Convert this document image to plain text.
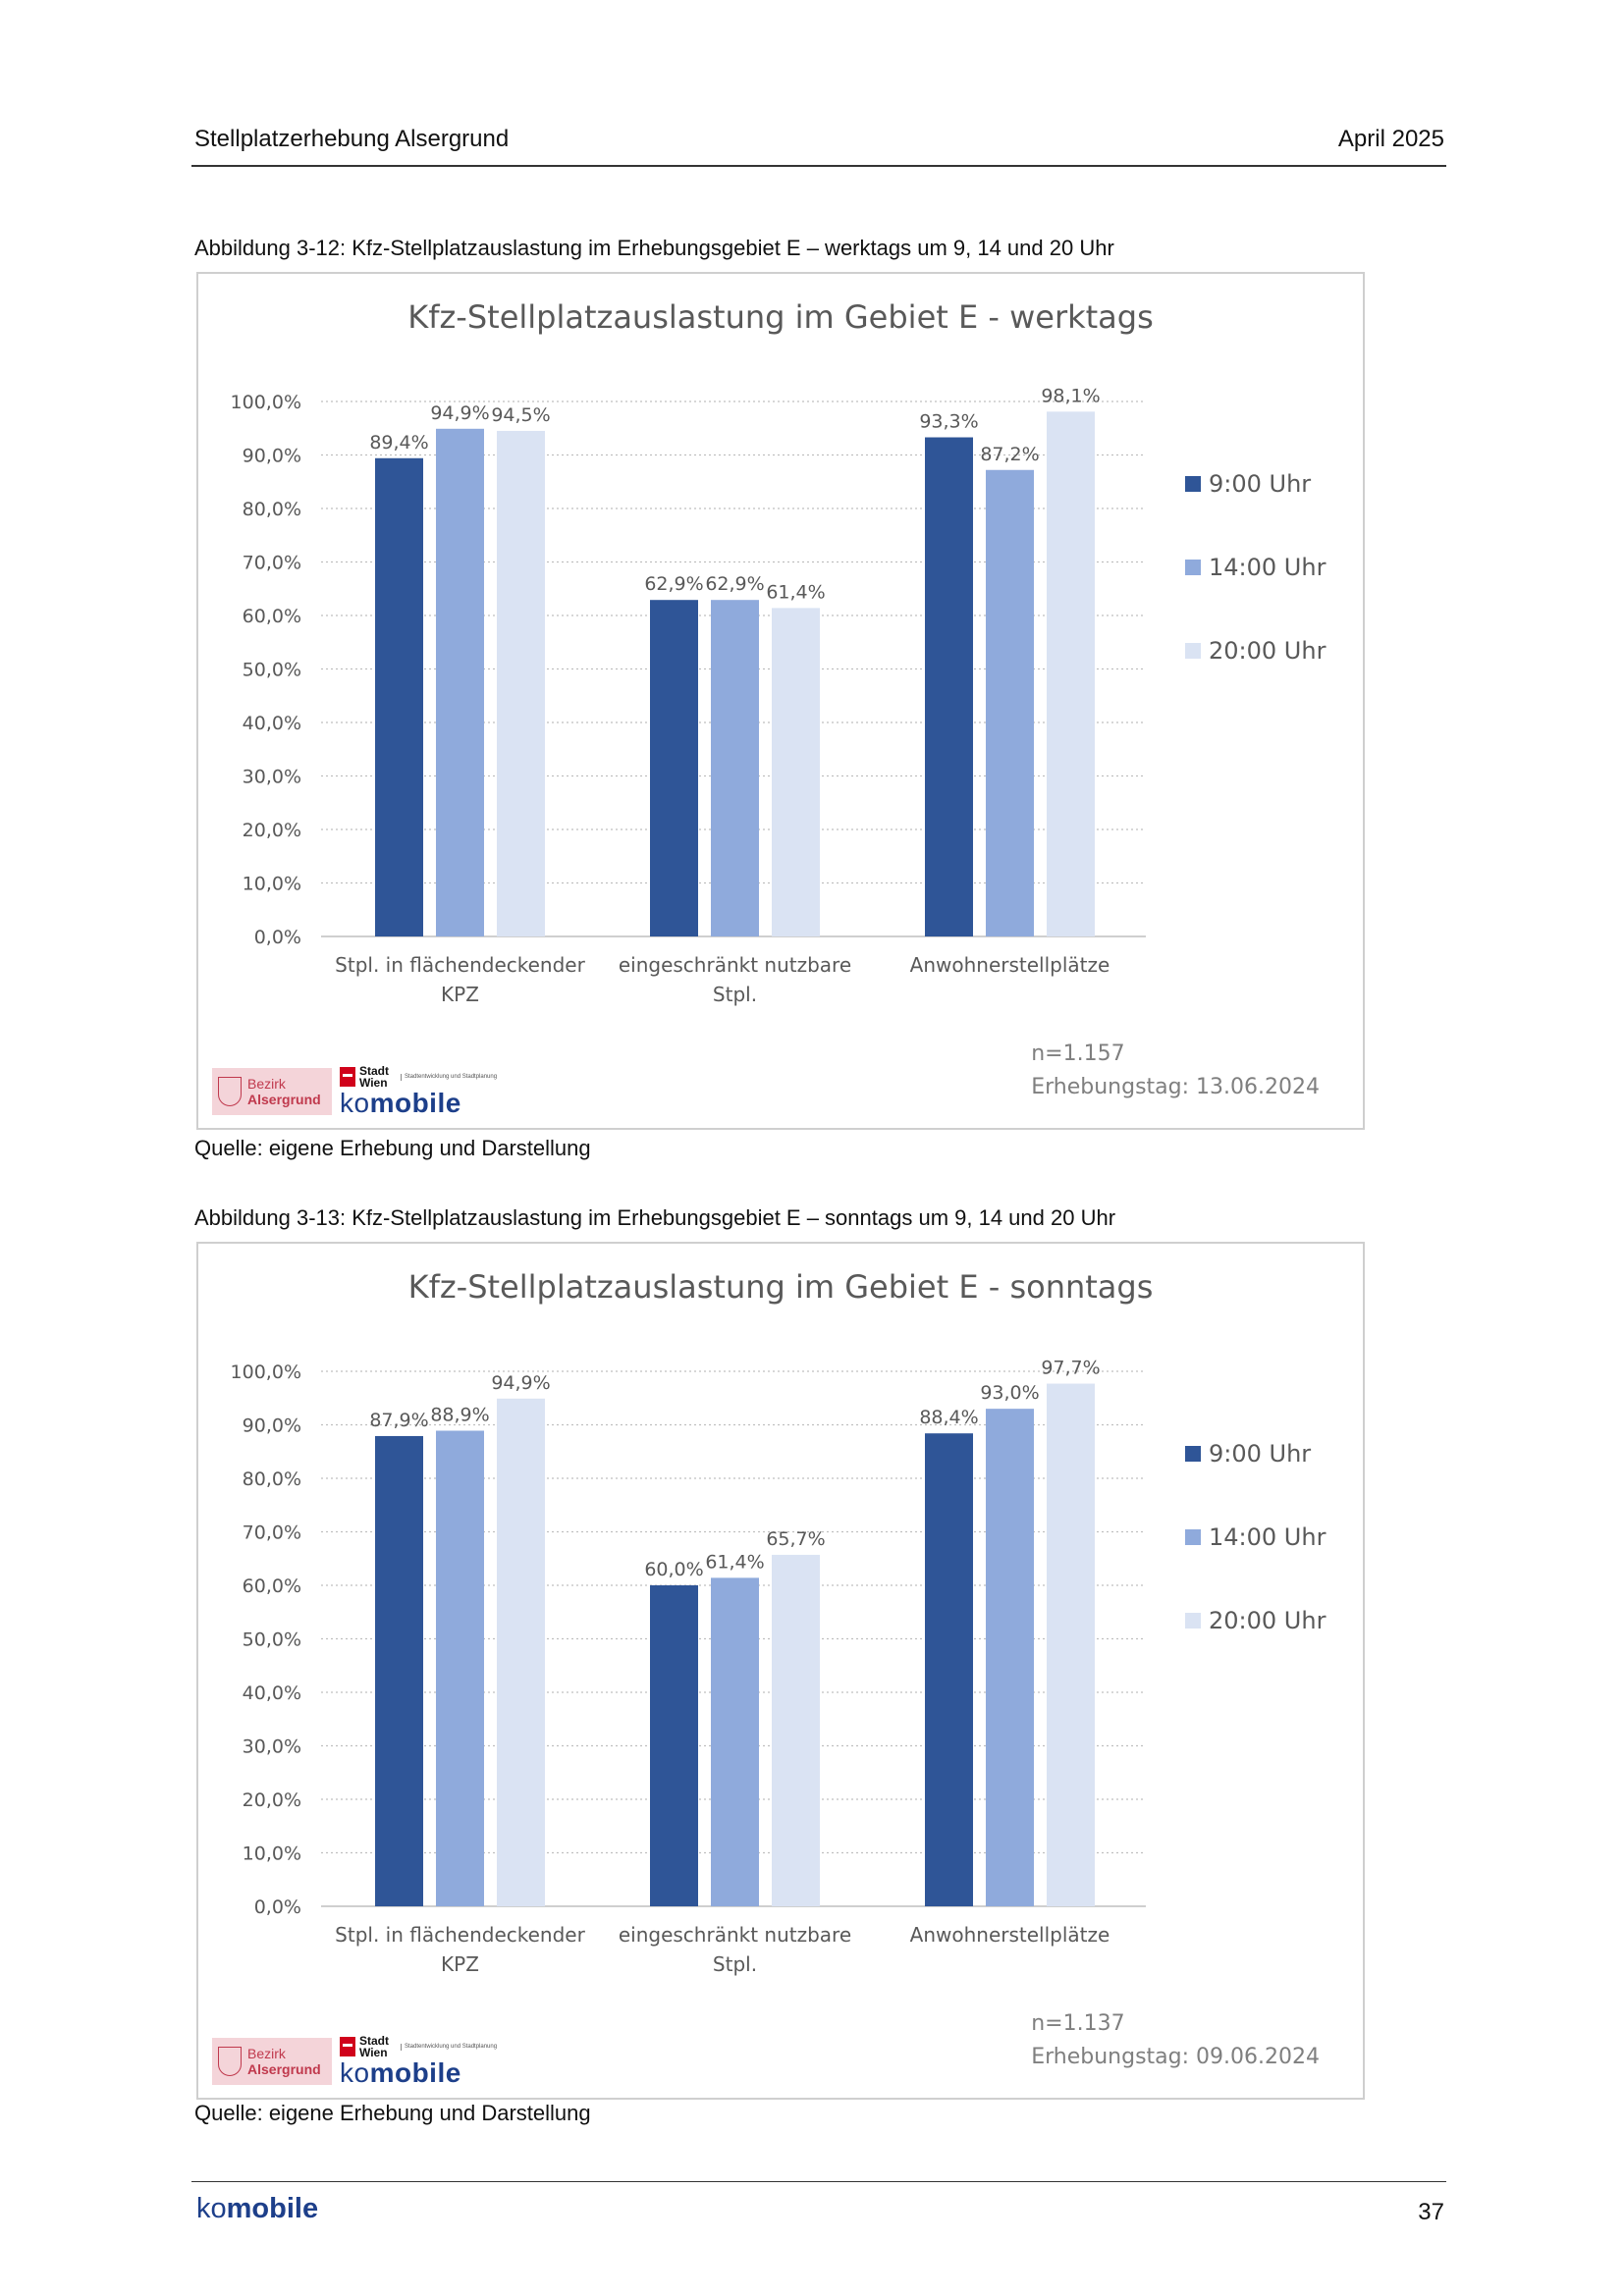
Stellplatzerhebung Alsergrund	April 2025
Abbildung 3-12: Kfz-Stellplatzauslastung im Erhebungsgebiet E – werktags um 9, 14 und 20 Uhr
Kfz-Stellplatzauslastung im Gebiet E - werktags
0,0%
10,0%
20,0%
30,0%
40,0%
50,0%
60,0%
70,0%
80,0%
90,0%
100,0%
89,4%
94,9% 94,5%
Stpl. in flächendeckender
KPZ
62,9% 62,9% 61,4%
eingeschränkt nutzbare
Stpl.
93,3%
87,2%
98,1%
Anwohnerstellplätze
9:00 Uhr
14:00 Uhr
20:00 Uhr
Bezirk
Alsergrund
Stadt
Wien	Stadtentwicklung und Stadtplanung
komobile
n=1.157
Erhebungstag: 13.06.2024
Quelle: eigene Erhebung und Darstellung
Abbildung 3-13: Kfz-Stellplatzauslastung im Erhebungsgebiet E – sonntags um 9, 14 und 20 Uhr
Kfz-Stellplatzauslastung im Gebiet E - sonntags
0,0%
10,0%
20,0%
30,0%
40,0%
50,0%
60,0%
70,0%
80,0%
90,0%
100,0%
87,9% 88,9%
94,9%
Stpl. in flächendeckender
KPZ
60,0% 61,4%
65,7%
eingeschränkt nutzbare
Stpl.
88,4%
93,0%
97,7%
Anwohnerstellplätze
9:00 Uhr
14:00 Uhr
20:00 Uhr
Bezirk
Alsergrund
Stadt
Wien	Stadtentwicklung und Stadtplanung
komobile
n=1.137
Erhebungstag: 09.06.2024
Quelle: eigene Erhebung und Darstellung
komobile	37
